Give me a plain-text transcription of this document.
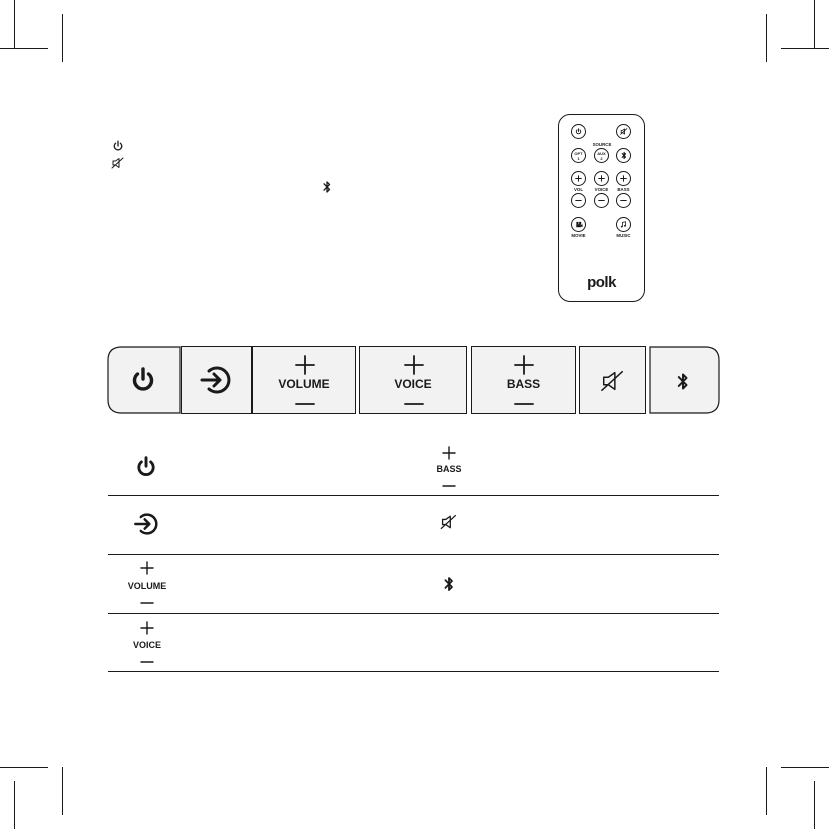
SOURCE
OPT
1
AUX
2
VOL	VOICE	BASS
MOVIE	MUSIC
polk
VOLUME	VOICE	BASS
BASS
VOLUME
VOICE
